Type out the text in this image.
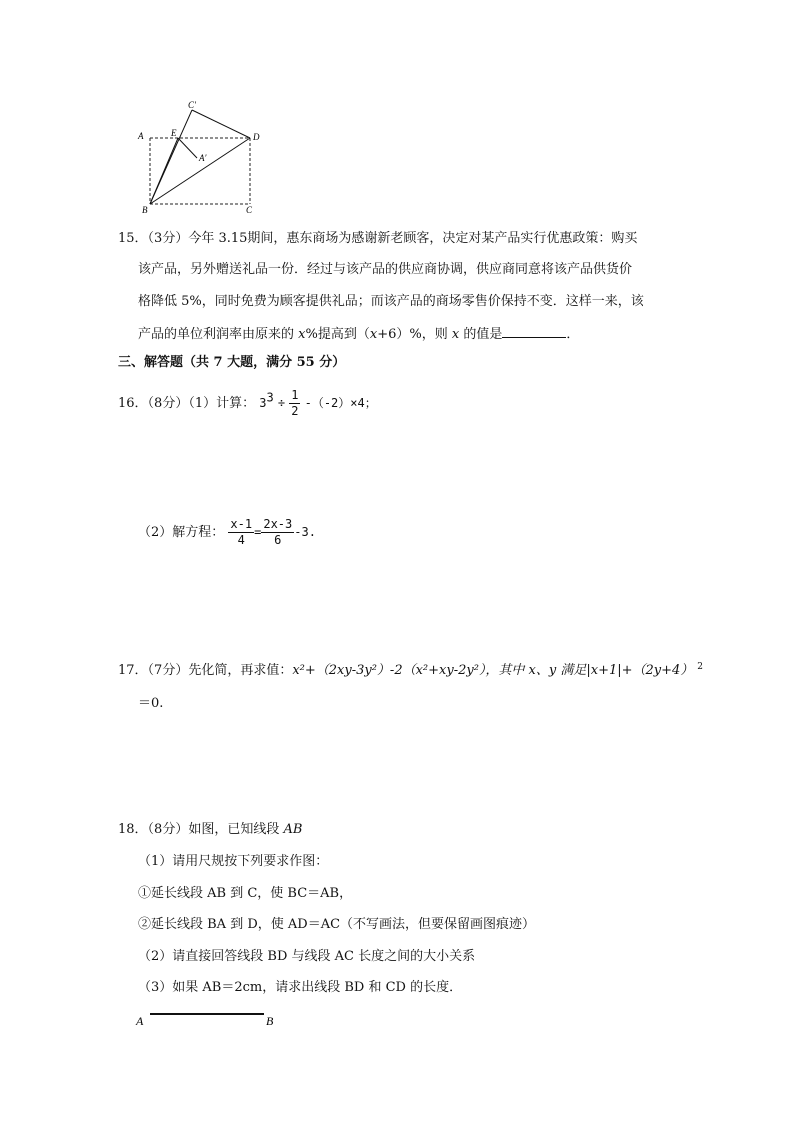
C′
A	E	D
A′
B	C
15．（3分）今年 3.15期间，惠东商场为感谢新老顾客，决定对某产品实行优惠政策：购买
该产品，另外赠送礼品一份．经过与该产品的供应商协调，供应商同意将该产品供货价
格降低 5%，同时免费为顾客提供礼品；而该产品的商场零售价保持不变．这样一来，该
产品的单位利润率由原来的 x%提高到（x+6）%，则 x 的值是	．
三、解答题（共 7 大题，满分 55 分）
16．（8分）（1）计算： $3^3 \div \frac{1}{2} -(-2)\times 4$；
（2）解方程： $\frac{x-1}{4} = \frac{2x-3}{6} -3$.
17．（7分）先化简，再求值：x²+（2xy-3y²）-2（x²+xy-2y²），其中 x、y 满足|x+1|+（2y+4） $^2$
＝0.
18．（8分）如图，已知线段 AB
（1）请用尺规按下列要求作图：
①延长线段 AB 到 C，使 BC＝AB，
②延长线段 BA 到 D，使 AD＝AC（不写画法，但要保留画图痕迹）
（2）请直接回答线段 BD 与线段 AC 长度之间的大小关系
（3）如果 AB＝2cm，请求出线段 BD 和 CD 的长度．
A	B
